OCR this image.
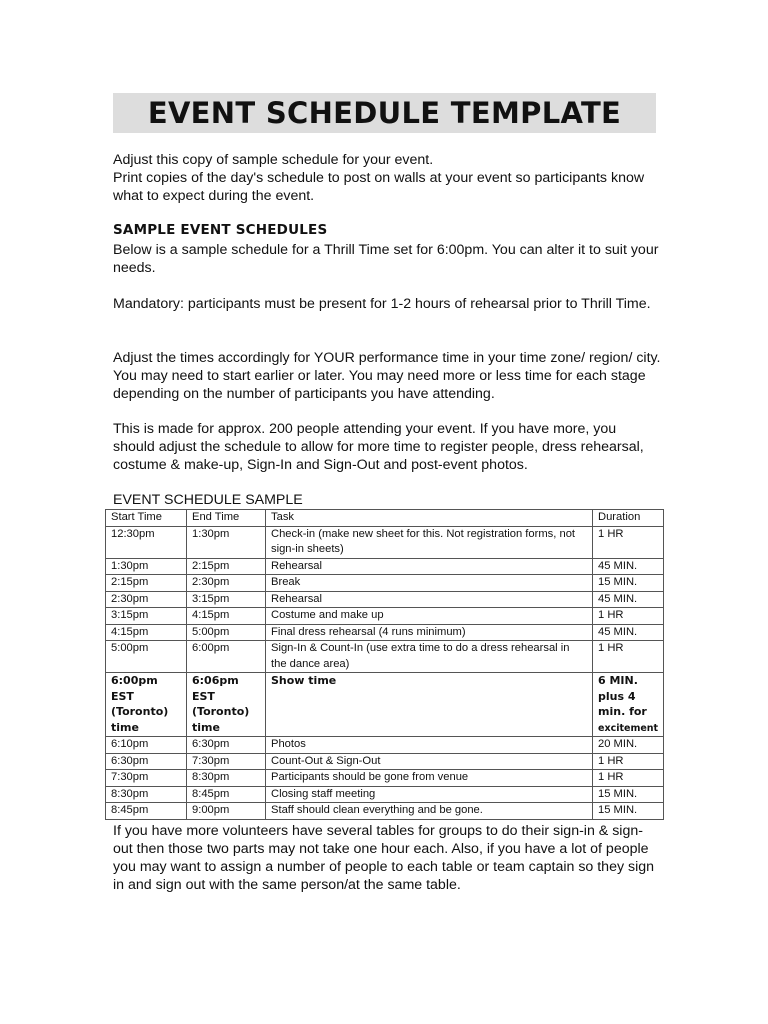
EVENT SCHEDULE TEMPLATE

Adjust this copy of sample schedule for your event.

Print copies of the day's schedule to post on walls at your event so participants know what to expect during the event.

SAMPLE EVENT SCHEDULES

Below is a sample schedule for a Thrill Time set for 6:00pm. You can alter it to suit your needs.

Mandatory: participants must be present for 1-2 hours of rehearsal prior to Thrill Time.

Adjust the times accordingly for YOUR performance time in your time zone/ region/ city. You may need to start earlier or later. You may need more or less time for each stage depending on the number of participants you have attending.

This is made for approx. 200 people attending your event. If you have more, you should adjust the schedule to allow for more time to register people, dress rehearsal, costume & make-up, Sign-In and Sign-Out and post-event photos.

EVENT SCHEDULE SAMPLE
Start Time	End Time	Task	Duration
12:30pm	1:30pm	Check-in (make new sheet for this. Not registration forms, not sign-in sheets)	1 HR
1:30pm	2:15pm	Rehearsal	45 MIN.
2:15pm	2:30pm	Break	15 MIN.
2:30pm	3:15pm	Rehearsal	45 MIN.
3:15pm	4:15pm	Costume and make up	1 HR
4:15pm	5:00pm	Final dress rehearsal (4 runs minimum)	45 MIN.
5:00pm	6:00pm	Sign-In & Count-In (use extra time to do a dress rehearsal in the dance area)	1 HR
6:00pm EST (Toronto) time	6:06pm EST (Toronto) time	Show time	6 MIN. plus 4 min. for
excitement
6:10pm	6:30pm	Photos	20 MIN.
6:30pm	7:30pm	Count-Out & Sign-Out	1 HR
7:30pm	8:30pm	Participants should be gone from venue	1 HR
8:30pm	8:45pm	Closing staff meeting	15 MIN.
8:45pm	9:00pm	Staff should clean everything and be gone.	15 MIN.

If you have more volunteers have several tables for groups to do their sign-in & sign-out then those two parts may not take one hour each. Also, if you have a lot of people you may want to assign a number of people to each table or team captain so they sign in and sign out with the same person/at the same table.
